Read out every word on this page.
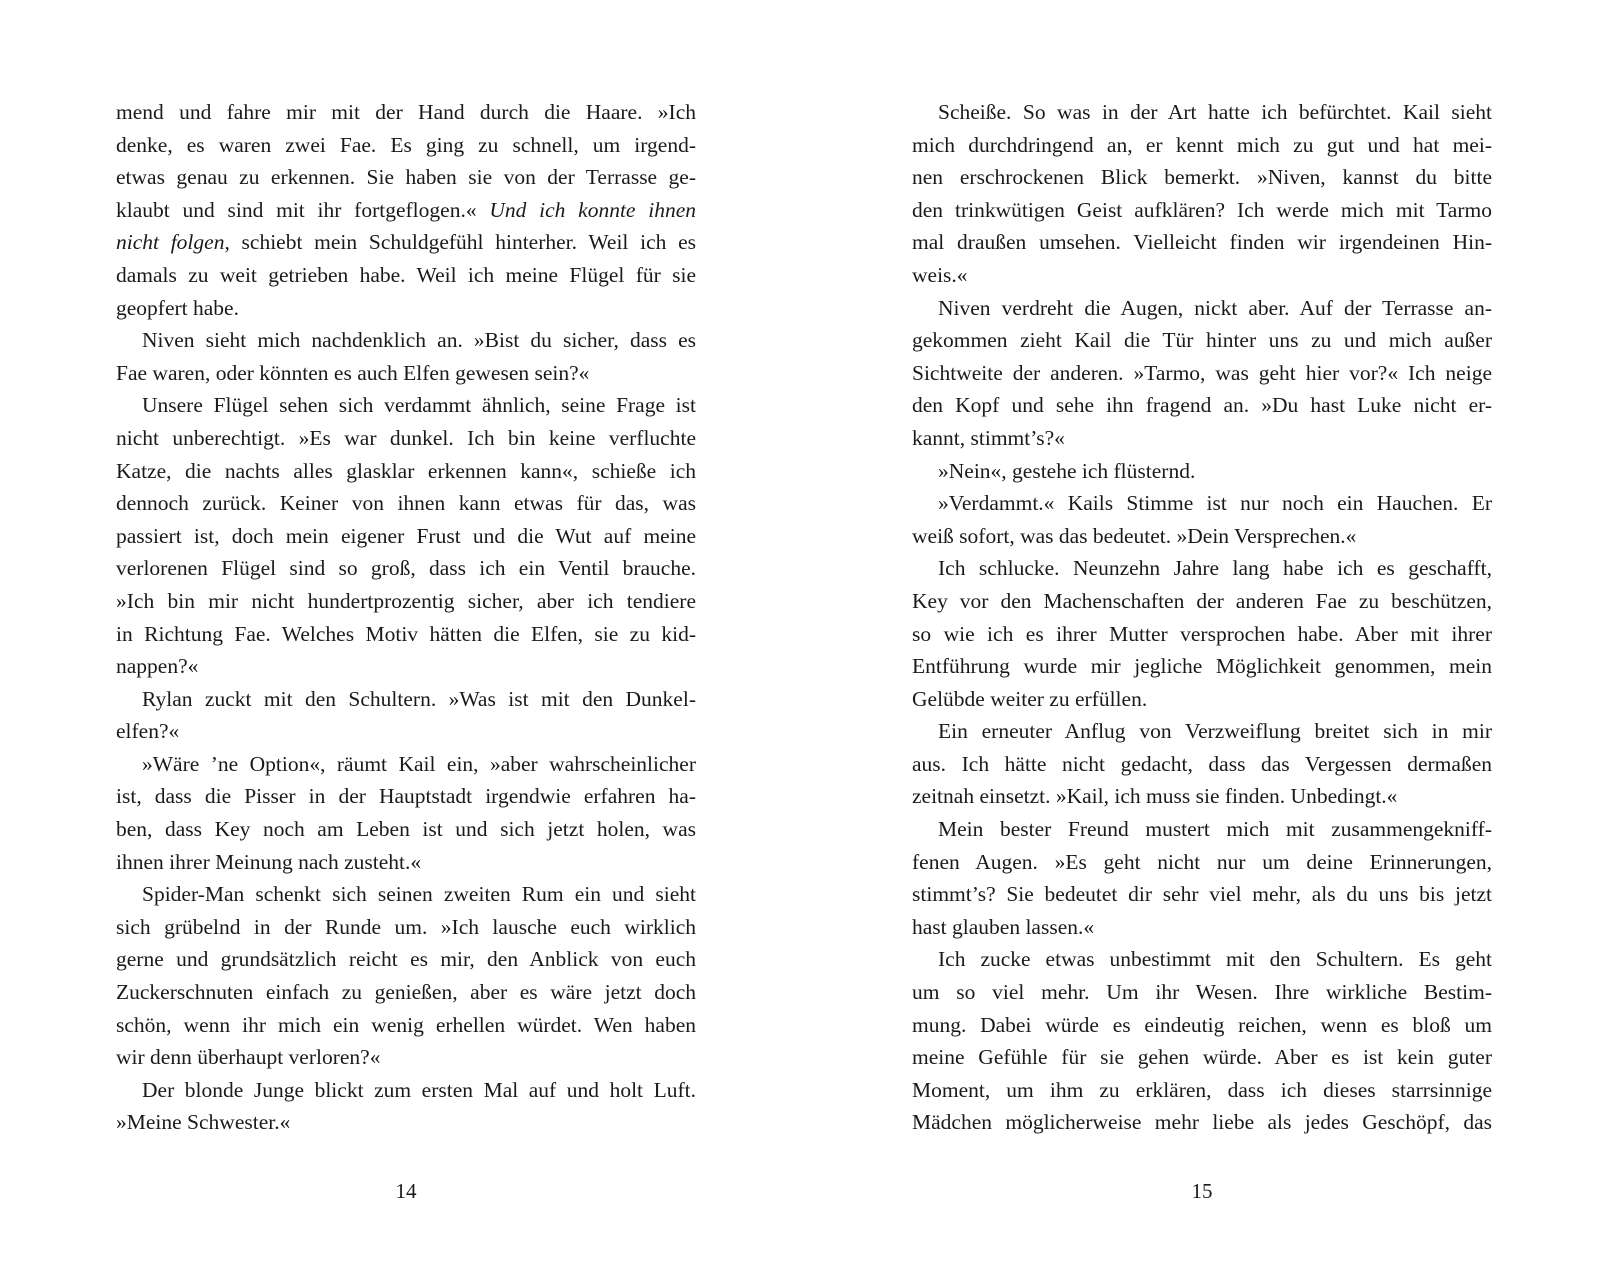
mend und fahre mir mit der Hand durch die Haare. »Ich
denke, es waren zwei Fae. Es ging zu schnell, um irgend-
etwas genau zu erkennen. Sie haben sie von der Terrasse ge-
klaubt und sind mit ihr fortgeflogen.« Und ich konnte ihnen
nicht folgen, schiebt mein Schuldgefühl hinterher. Weil ich es
damals zu weit getrieben habe. Weil ich meine Flügel für sie
geopfert habe.
Niven sieht mich nachdenklich an. »Bist du sicher, dass es
Fae waren, oder könnten es auch Elfen gewesen sein?«
Unsere Flügel sehen sich verdammt ähnlich, seine Frage ist
nicht unberechtigt. »Es war dunkel. Ich bin keine verfluchte
Katze, die nachts alles glasklar erkennen kann«, schieße ich
dennoch zurück. Keiner von ihnen kann etwas für das, was
passiert ist, doch mein eigener Frust und die Wut auf meine
verlorenen Flügel sind so groß, dass ich ein Ventil brauche.
»Ich bin mir nicht hundertprozentig sicher, aber ich tendiere
in Richtung Fae. Welches Motiv hätten die Elfen, sie zu kid-
nappen?«
Rylan zuckt mit den Schultern. »Was ist mit den Dunkel-
elfen?«
»Wäre ’ne Option«, räumt Kail ein, »aber wahrscheinlicher
ist, dass die Pisser in der Hauptstadt irgendwie erfahren ha-
ben, dass Key noch am Leben ist und sich jetzt holen, was
ihnen ihrer Meinung nach zusteht.«
Spider-Man schenkt sich seinen zweiten Rum ein und sieht
sich grübelnd in der Runde um. »Ich lausche euch wirklich
gerne und grundsätzlich reicht es mir, den Anblick von euch
Zuckerschnuten einfach zu genießen, aber es wäre jetzt doch
schön, wenn ihr mich ein wenig erhellen würdet. Wen haben
wir denn überhaupt verloren?«
Der blonde Junge blickt zum ersten Mal auf und holt Luft.
»Meine Schwester.«
Scheiße. So was in der Art hatte ich befürchtet. Kail sieht
mich durchdringend an, er kennt mich zu gut und hat mei-
nen erschrockenen Blick bemerkt. »Niven, kannst du bitte
den trinkwütigen Geist aufklären? Ich werde mich mit Tarmo
mal draußen umsehen. Vielleicht finden wir irgendeinen Hin-
weis.«
Niven verdreht die Augen, nickt aber. Auf der Terrasse an-
gekommen zieht Kail die Tür hinter uns zu und mich außer
Sichtweite der anderen. »Tarmo, was geht hier vor?« Ich neige
den Kopf und sehe ihn fragend an. »Du hast Luke nicht er-
kannt, stimmt’s?«
»Nein«, gestehe ich flüsternd.
»Verdammt.« Kails Stimme ist nur noch ein Hauchen. Er
weiß sofort, was das bedeutet. »Dein Versprechen.«
Ich schlucke. Neunzehn Jahre lang habe ich es geschafft,
Key vor den Machenschaften der anderen Fae zu beschützen,
so wie ich es ihrer Mutter versprochen habe. Aber mit ihrer
Entführung wurde mir jegliche Möglichkeit genommen, mein
Gelübde weiter zu erfüllen.
Ein erneuter Anflug von Verzweiflung breitet sich in mir
aus. Ich hätte nicht gedacht, dass das Vergessen dermaßen
zeitnah einsetzt. »Kail, ich muss sie finden. Unbedingt.«
Mein bester Freund mustert mich mit zusammengekniff-
fenen Augen. »Es geht nicht nur um deine Erinnerungen,
stimmt’s? Sie bedeutet dir sehr viel mehr, als du uns bis jetzt
hast glauben lassen.«
Ich zucke etwas unbestimmt mit den Schultern. Es geht
um so viel mehr. Um ihr Wesen. Ihre wirkliche Bestim-
mung. Dabei würde es eindeutig reichen, wenn es bloß um
meine Gefühle für sie gehen würde. Aber es ist kein guter
Moment, um ihm zu erklären, dass ich dieses starrsinnige
Mädchen möglicherweise mehr liebe als jedes Geschöpf, das
14	15
